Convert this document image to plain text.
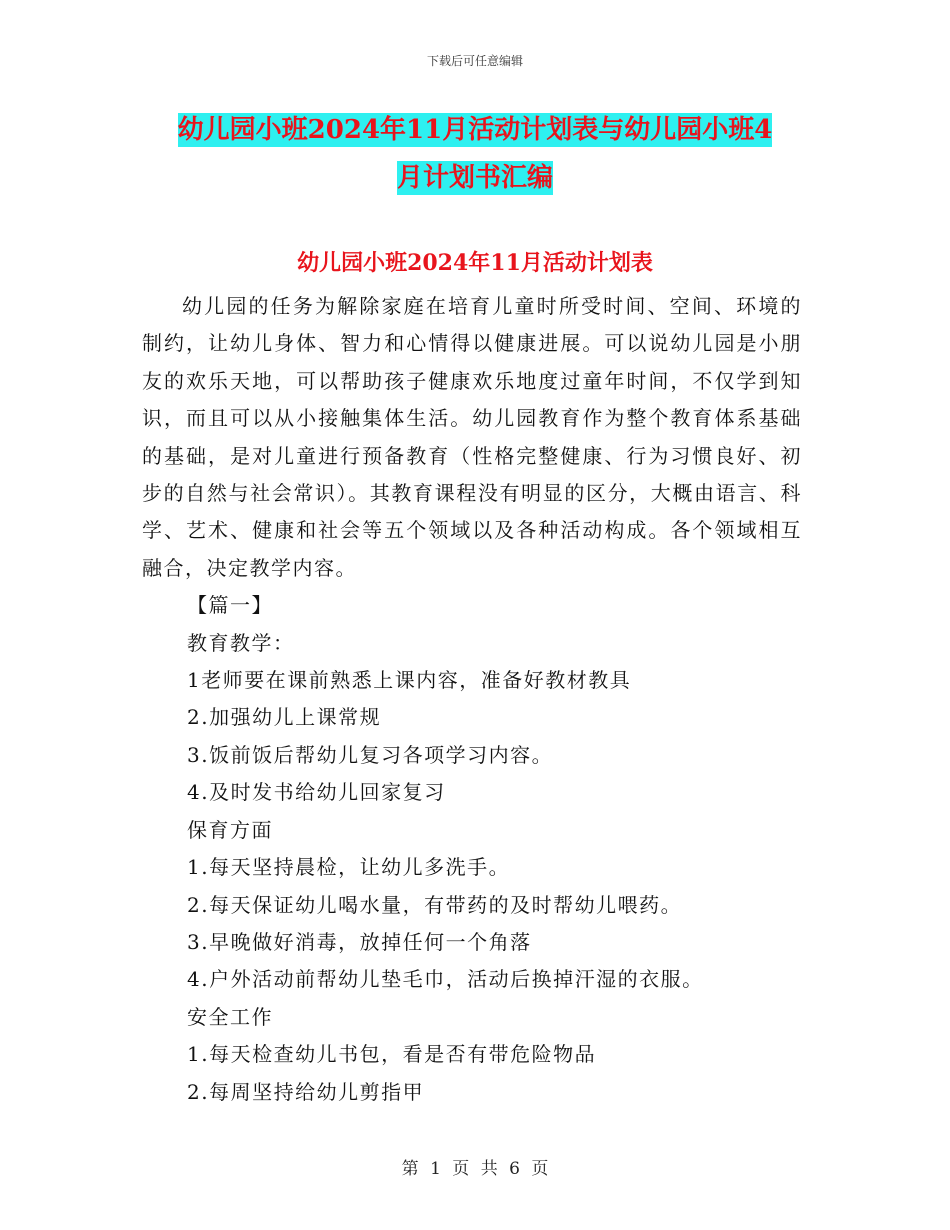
下载后可任意编辑
幼儿园小班2024年11月活动计划表与幼儿园小班4
月计划书汇编
幼儿园小班2024年11月活动计划表

幼儿园的任务为解除家庭在培育儿童时所受时间、空间、环境的制约，让幼儿身体、智力和心情得以健康进展。可以说幼儿园是小朋友的欢乐天地，可以帮助孩子健康欢乐地度过童年时间，不仅学到知识，而且可以从小接触集体生活。幼儿园教育作为整个教育体系基础的基础，是对儿童进行预备教育（性格完整健康、行为习惯良好、初步的自然与社会常识）。其教育课程没有明显的区分，大概由语言、科学、艺术、健康和社会等五个领域以及各种活动构成。各个领域相互融合，决定教学内容。

【篇一】

教育教学：

1老师要在课前熟悉上课内容，准备好教材教具

2.加强幼儿上课常规

3.饭前饭后帮幼儿复习各项学习内容。

4.及时发书给幼儿回家复习

保育方面

1.每天坚持晨检，让幼儿多洗手。

2.每天保证幼儿喝水量，有带药的及时帮幼儿喂药。

3.早晚做好消毒，放掉任何一个角落

4.户外活动前帮幼儿垫毛巾，活动后换掉汗湿的衣服。

安全工作

1.每天检查幼儿书包，看是否有带危险物品

2.每周坚持给幼儿剪指甲

第 1 页 共 6 页
